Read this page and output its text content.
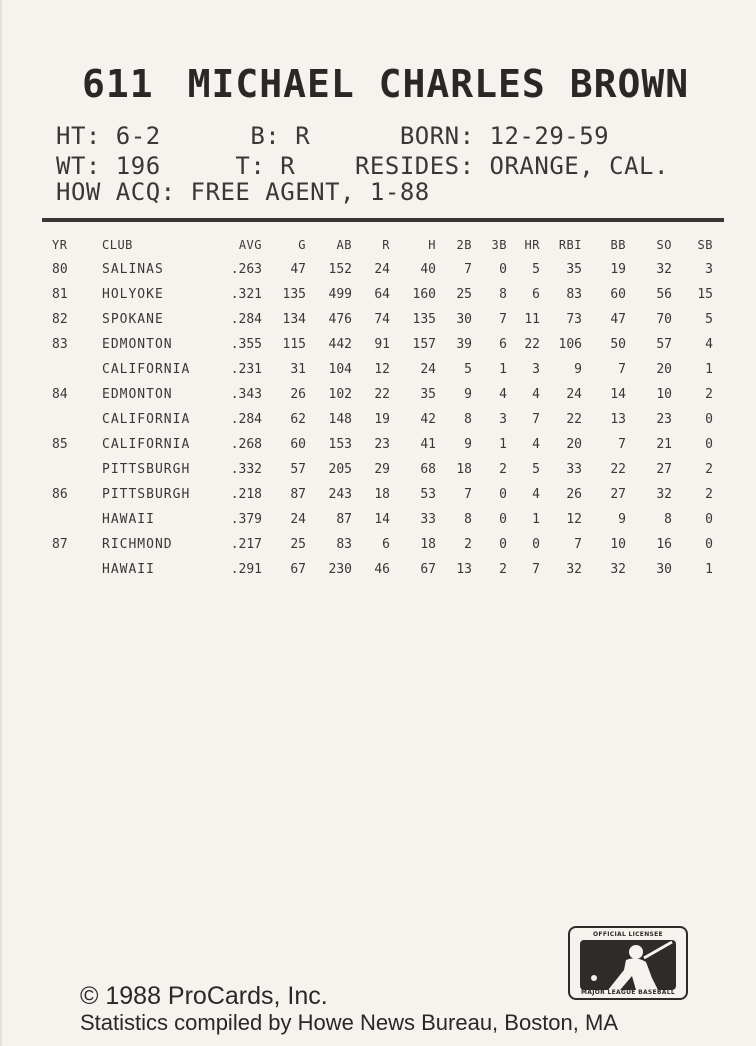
611 MICHAEL CHARLES BROWN
HT: 6-2      B: R      BORN: 12-29-59
WT: 196     T: R    RESIDES: ORANGE, CAL.
HOW ACQ: FREE AGENT, 1-88
YR	CLUB	AVG	G	AB	R	H	2B	3B	HR	RBI	BB	SO	SB
80	SALINAS	.263	47	152	24	40	7	0	5	35	19	32	3
81	HOLYOKE	.321	135	499	64	160	25	8	6	83	60	56	15
82	SPOKANE	.284	134	476	74	135	30	7	11	73	47	70	5
83	EDMONTON	.355	115	442	91	157	39	6	22	106	50	57	4
	CALIFORNIA	.231	31	104	12	24	5	1	3	9	7	20	1
84	EDMONTON	.343	26	102	22	35	9	4	4	24	14	10	2
	CALIFORNIA	.284	62	148	19	42	8	3	7	22	13	23	0
85	CALIFORNIA	.268	60	153	23	41	9	1	4	20	7	21	0
	PITTSBURGH	.332	57	205	29	68	18	2	5	33	22	27	2
86	PITTSBURGH	.218	87	243	18	53	7	0	4	26	27	32	2
	HAWAII	.379	24	87	14	33	8	0	1	12	9	8	0
87	RICHMOND	.217	25	83	6	18	2	0	0	7	10	16	0
	HAWAII	.291	67	230	46	67	13	2	7	32	32	30	1
OFFICIAL LICENSEE
MAJOR LEAGUE BASEBALL
© 1988 ProCards, Inc.
Statistics compiled by Howe News Bureau, Boston, MA
